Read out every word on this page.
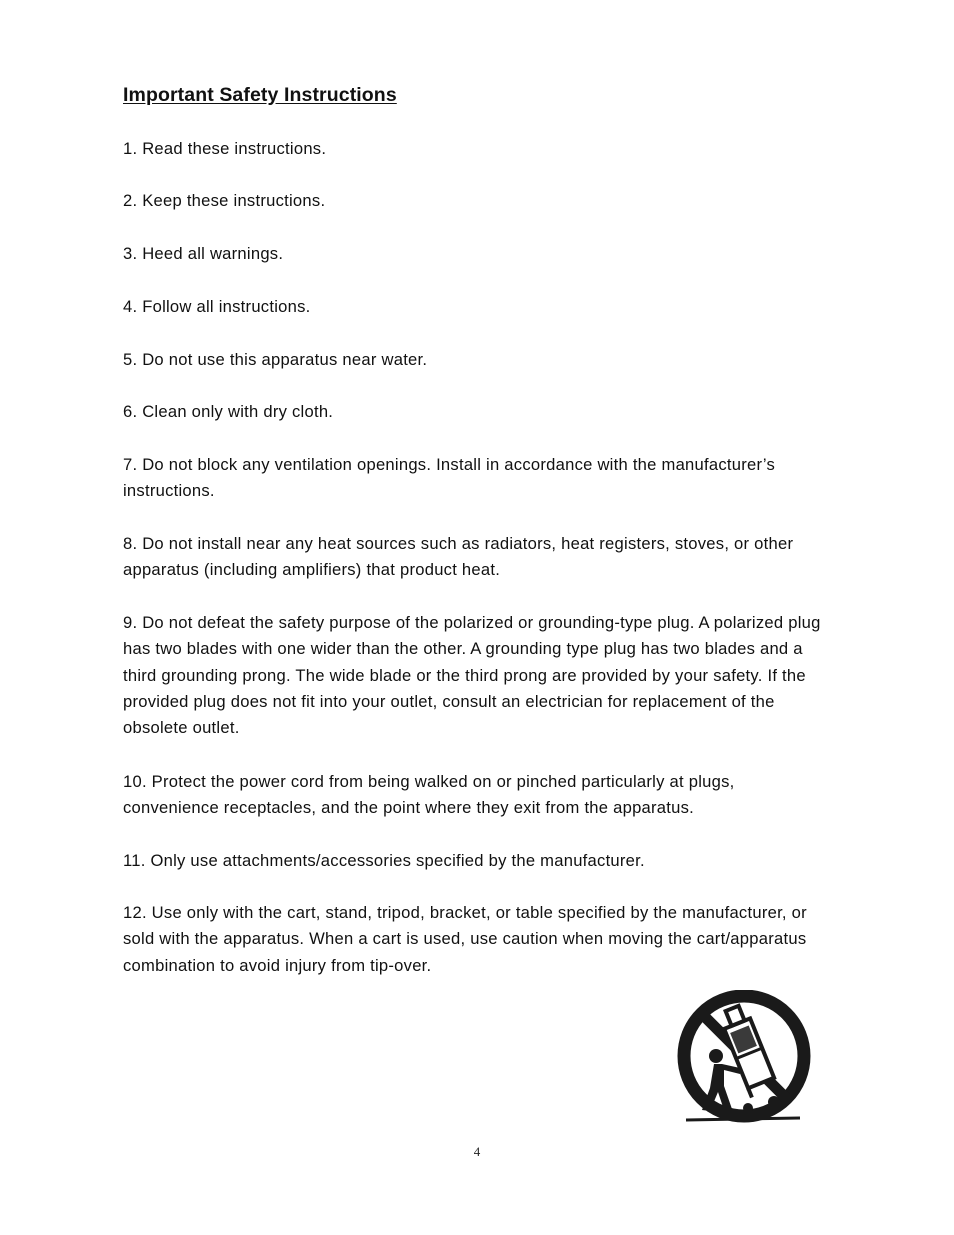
Important Safety Instructions

1. Read these instructions.

2. Keep these instructions.

3. Heed all warnings.

4. Follow all instructions.

5. Do not use this apparatus near water.

6. Clean only with dry cloth.

7. Do not block any ventilation openings. Install in accordance with the manufacturer’s instructions.

8. Do not install near any heat sources such as radiators, heat registers, stoves, or other apparatus (including amplifiers) that product heat.

9. Do not defeat the safety purpose of the polarized or grounding-type plug. A polarized plug has two blades with one wider than the other. A grounding type plug has two blades and a third grounding prong. The wide blade or the third prong are provided by your safety. If the provided plug does not fit into your outlet, consult an electrician for replacement of the obsolete outlet.

10. Protect the power cord from being walked on or pinched particularly at plugs, convenience receptacles, and the point where they exit from the apparatus.

11. Only use attachments/accessories specified by the manufacturer.

12. Use only with the cart, stand, tripod, bracket, or table specified by the manufacturer, or sold with the apparatus. When a cart is used, use caution when moving the cart/apparatus combination to avoid injury from tip-over.

4
